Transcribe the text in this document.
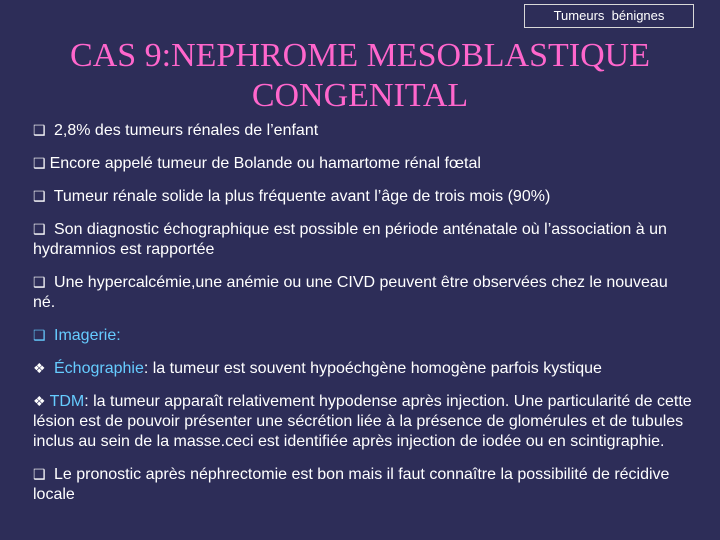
Tumeurs  bénignes
CAS 9:NEPHROME MESOBLASTIQUE
CONGENITAL
❑ 2,8% des tumeurs rénales de l’enfant
❑ Encore appelé tumeur de Bolande ou hamartome rénal fœtal
❑ Tumeur rénale solide la plus fréquente avant l’âge de trois mois (90%)
❑ Son diagnostic échographique est possible en période anténatale où l’association à un hydramnios est rapportée
❑ Une hypercalcémie,une anémie ou une CIVD peuvent être observées chez le nouveau né.
❑ Imagerie:
❖ Échographie: la tumeur est souvent hypoéchgène homogène parfois kystique
❖ TDM: la tumeur apparaît relativement hypodense après injection. Une particularité de cette lésion est de pouvoir présenter une sécrétion liée à la présence de glomérules et de tubules inclus au sein de la masse.ceci est identifiée après injection de iodée ou en scintigraphie.
❑ Le pronostic après néphrectomie est bon mais il faut connaître la possibilité de récidive locale
